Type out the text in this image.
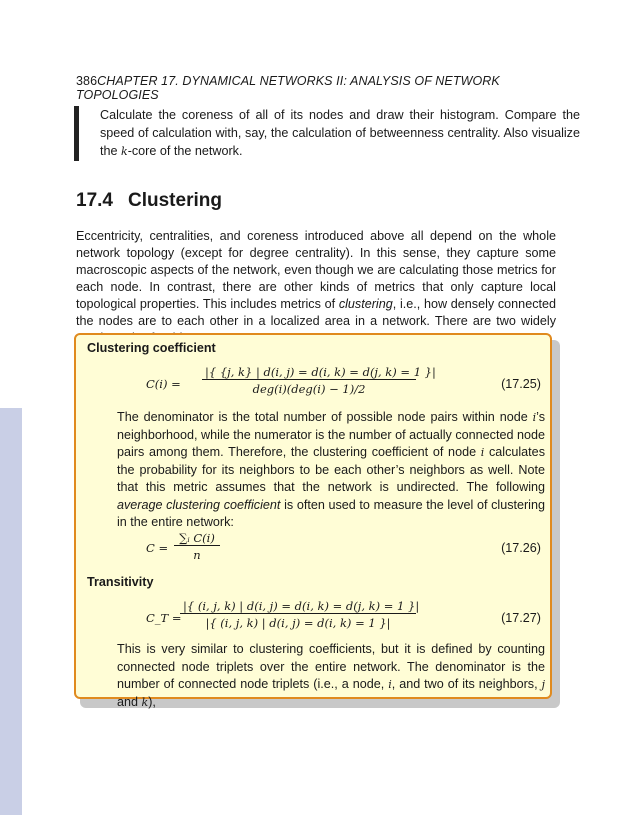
386CHAPTER 17. DYNAMICAL NETWORKS II: ANALYSIS OF NETWORK TOPOLOGIES
Calculate the coreness of all of its nodes and draw their histogram. Compare the speed of calculation with, say, the calculation of betweenness centrality. Also visualize the k-core of the network.
17.4 Clustering
Eccentricity, centralities, and coreness introduced above all depend on the whole network topology (except for degree centrality). In this sense, they capture some macroscopic aspects of the network, even though we are calculating those metrics for each node. In contrast, there are other kinds of metrics that only capture local topological properties. This includes metrics of clustering, i.e., how densely connected the nodes are to each other in a localized area in a network. There are two widely
Clustering coefficient
C(i) =
|{ {j, k} | d(i, j) = d(i, k) = d(j, k) = 1 }|
deg(i)(deg(i) − 1)/2	(17.25)
The denominator is the total number of possible node pairs within node i’s neighborhood, while the numerator is the number of actually connected node pairs among them. Therefore, the clustering coefficient of node i calculates the probability for its neighbors to be each other’s neighbors as well. Note that this metric assumes that the network is undirected. The following average clustering coefficient is often used to measure the level of clustering in the entire network:
$C = \frac{\text{∑ᵢ C(i)}}{n}$	(17.26)
Transitivity
C_T =
$\frac{|\{ (i, j, k) | d(i, j) = d(i, k) = d(j, k) = 1 \}|}{|\{ (i, j, k) | d(i, j) = d(i, k) = 1 \}|}$	(17.27)
This is very similar to clustering coefficients, but it is defined by counting connected node triplets over the entire network. The denominator is the number of connected node triplets (i.e., a node, i, and two of its neighbors, j and k),
